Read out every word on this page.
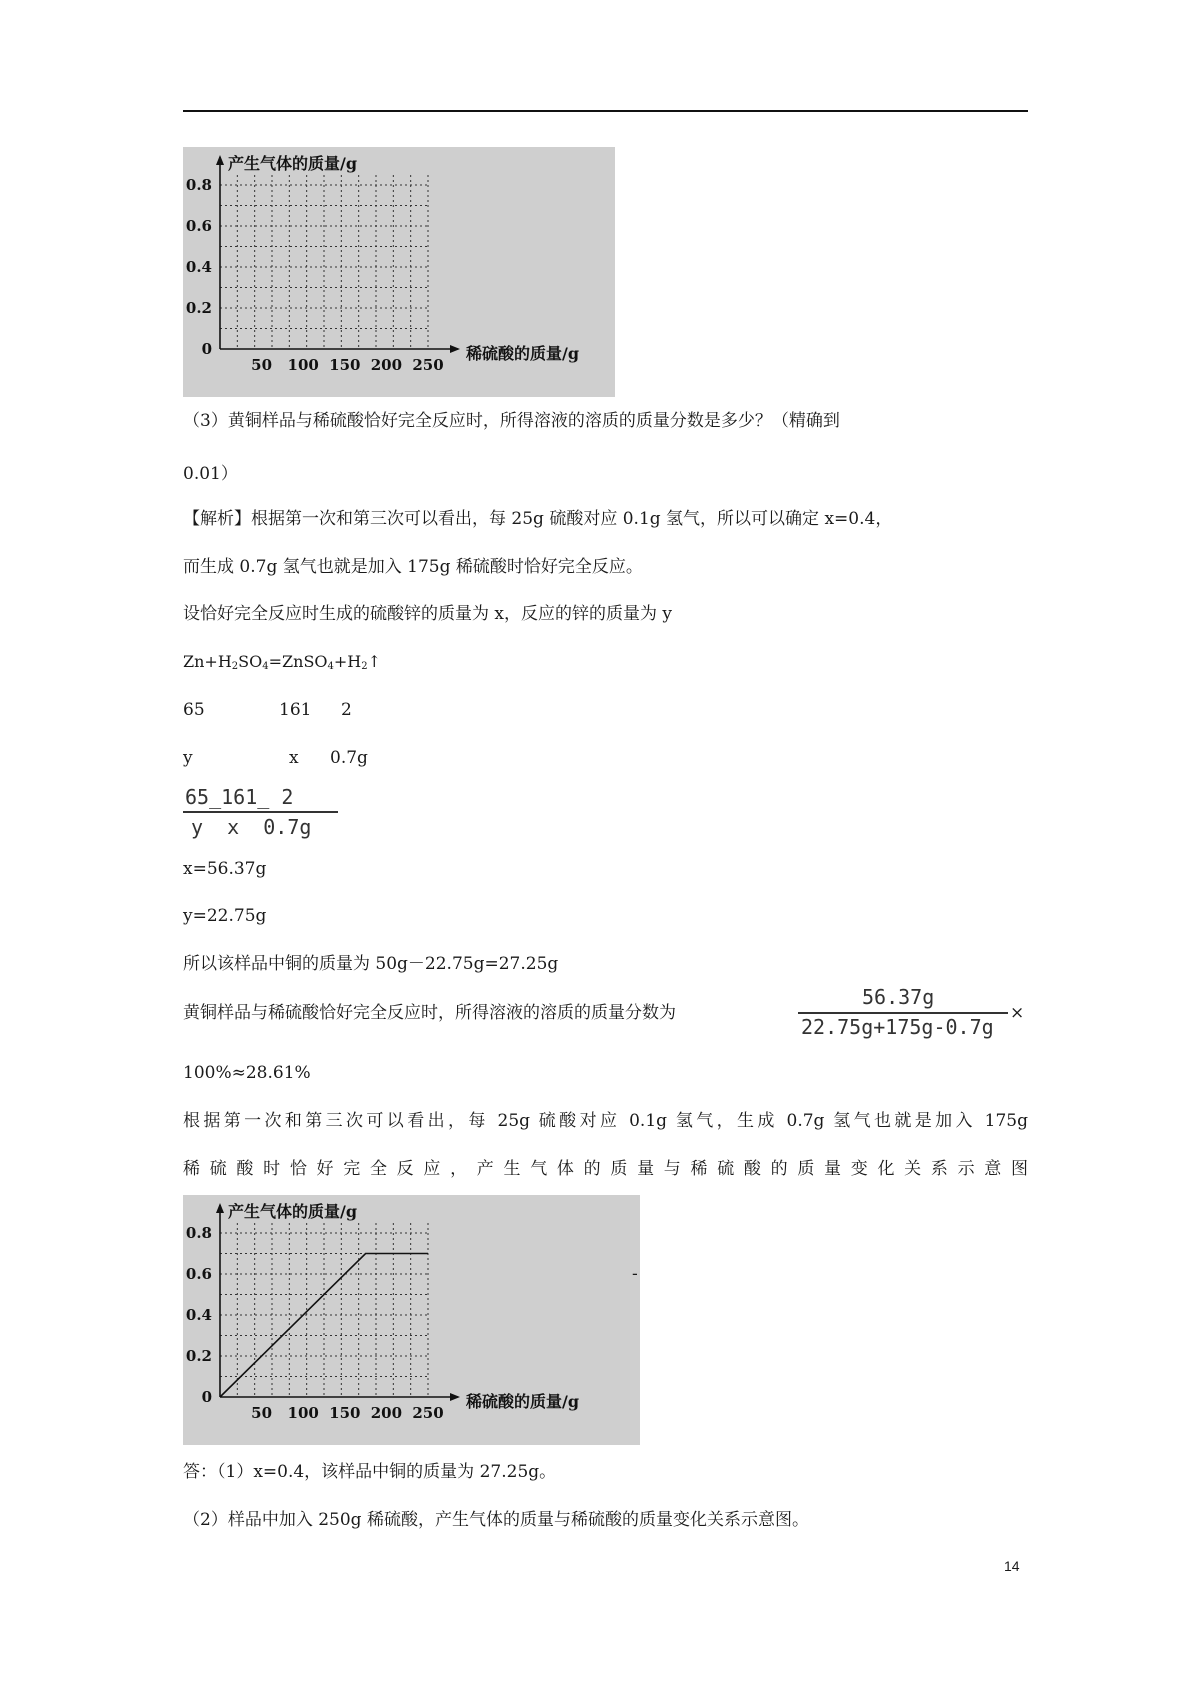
0
0.2
0.4
0.6
0.8
50 100 150 200 250
产生气体的质量/g
稀硫酸的质量/g
（3）黄铜样品与稀硫酸恰好完全反应时，所得溶液的溶质的质量分数是多少？（精确到
0.01）
【解析】根据第一次和第三次可以看出，每 25g 硫酸对应 0.1g 氢气，所以可以确定 x=0.4，
而生成 0.7g 氢气也就是加入 175g 稀硫酸时恰好完全反应。
设恰好完全反应时生成的硫酸锌的质量为 x，反应的锌的质量为 y
$Zn+H_2SO_4=ZnSO_4+H_2↑$
65	161 2
y	x 0.7g
65_161_ 2
y  x  0.7g
x=56.37g
y=22.75g
所以该样品中铜的质量为 50g－22.75g=27.25g
黄铜样品与稀硫酸恰好完全反应时，所得溶液的溶质的质量分数为
56.37g
22.75g+175g-0.7g
×
100%≈28.61%
根据第一次和第三次可以看出，每 25g 硫酸对应 0.1g 氢气，生成 0.7g 氢气也就是加入 175g
稀硫酸时恰好完全反应，产生气体的质量与稀硫酸的质量变化关系示意图
0
0.2
0.4
0.6
0.8
50 100 150 200 250
产生气体的质量/g
稀硫酸的质量/g
-
答：（1）x=0.4，该样品中铜的质量为 27.25g。
（2）样品中加入 250g 稀硫酸，产生气体的质量与稀硫酸的质量变化关系示意图。
14
